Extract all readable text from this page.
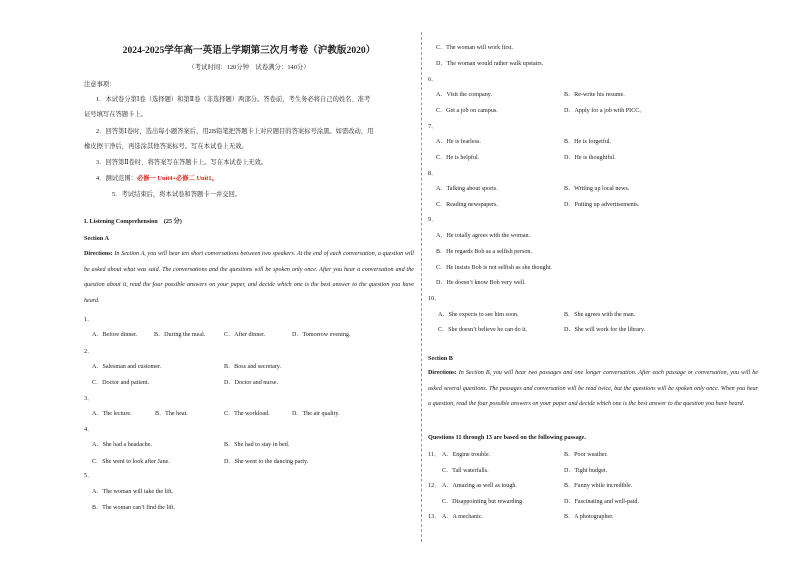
2024-2025学年高一英语上学期第三次月考卷（沪教版2020）
（考试时间：120分钟　试卷满分：140分）
注意事项：
1．本试卷分第Ⅰ卷（选择题）和第Ⅱ卷（非选择题）两部分。答卷前，考生务必将自己的姓名、准考
证号填写在答题卡上。
2．回答第Ⅰ卷时，选出每小题答案后，用2B铅笔把答题卡上对应题目的答案标号涂黑。如需改动，用
橡皮擦干净后，再选涂其他答案标号。写在本试卷上无效。
3．回答第Ⅱ卷时，将答案写在答题卡上。写在本试卷上无效。
4．测试范围：必修一 Unit4+必修二 Unit1。
5．考试结束后，将本试卷和答题卡一并交回。
I. Listening Comprehension　(25 分)
Section A
Directions: In Section A, you will hear ten short conversations between two speakers. At the end of each conversation, a question will be asked about what was said. The conversations and the questions will be spoken only once. After you hear a conversation and the question about it, read the four possible answers on your paper, and decide which one is the best answer to the question you have heard.
1．
A．Before dinner.	B．During the meal.	C．After dinner.	D．Tomorrow evening.
2．
A．Salesman and customer.	B．Boss and secretary.
C．Doctor and patient.	D．Doctor and nurse.
3．
A．The lecture.	B．The heat.	C．The workload.	D．The air quality.
4．
A．She had a headache.	B．She had to stay in bed.
C．She went to look after Jane.	D．She went to the dancing party.
5．
A．The woman will take the lift.
B．The woman can’t find the lift.
C．The woman will work first.
D．The woman would rather walk upstairs.
6．
A．Visit the company.	B．Re-write his resume.
C．Get a job on campus.	D．Apply for a job with PICC。
7．
A．He is fearless.	B．He is forgetful.
C．He is helpful.	D．He is thoughtful.
8．
A．Talking about sports.	B．Writing up local news.
C．Reading newspapers.	D．Putting up advertisements.
9．
A．He totally agrees with the woman.
B．He regards Bob as a selfish person.
C．He insists Bob is not selfish as she thought.
D．He doesn’t know Bob very well.
10．
A．She expects to see him soon.	B．She agrees with the man.
C．She doesn’t believe he can do it.	D．She will work for the library.
Section B
Directions: In Section B, you will hear two passages and one longer conversation. After each passage or conversation, you will be asked several questions. The passages and conversation will be read twice, but the questions will be spoken only once. When you hear a question, read the four possible answers on your paper and decide which one is the best answer to the question you have heard.
Questions 11 through 13 are based on the following passage.
11． A．Engine trouble.	B．Poor weather.
C．Tall waterfalls.	D．Tight budget.
12． A．Amazing as well as tough.	B．Funny while incredible.
C．Disappointing but rewarding.	D．Fascinating and well-paid.
13． A．A mechanic.	B．A photographer.
